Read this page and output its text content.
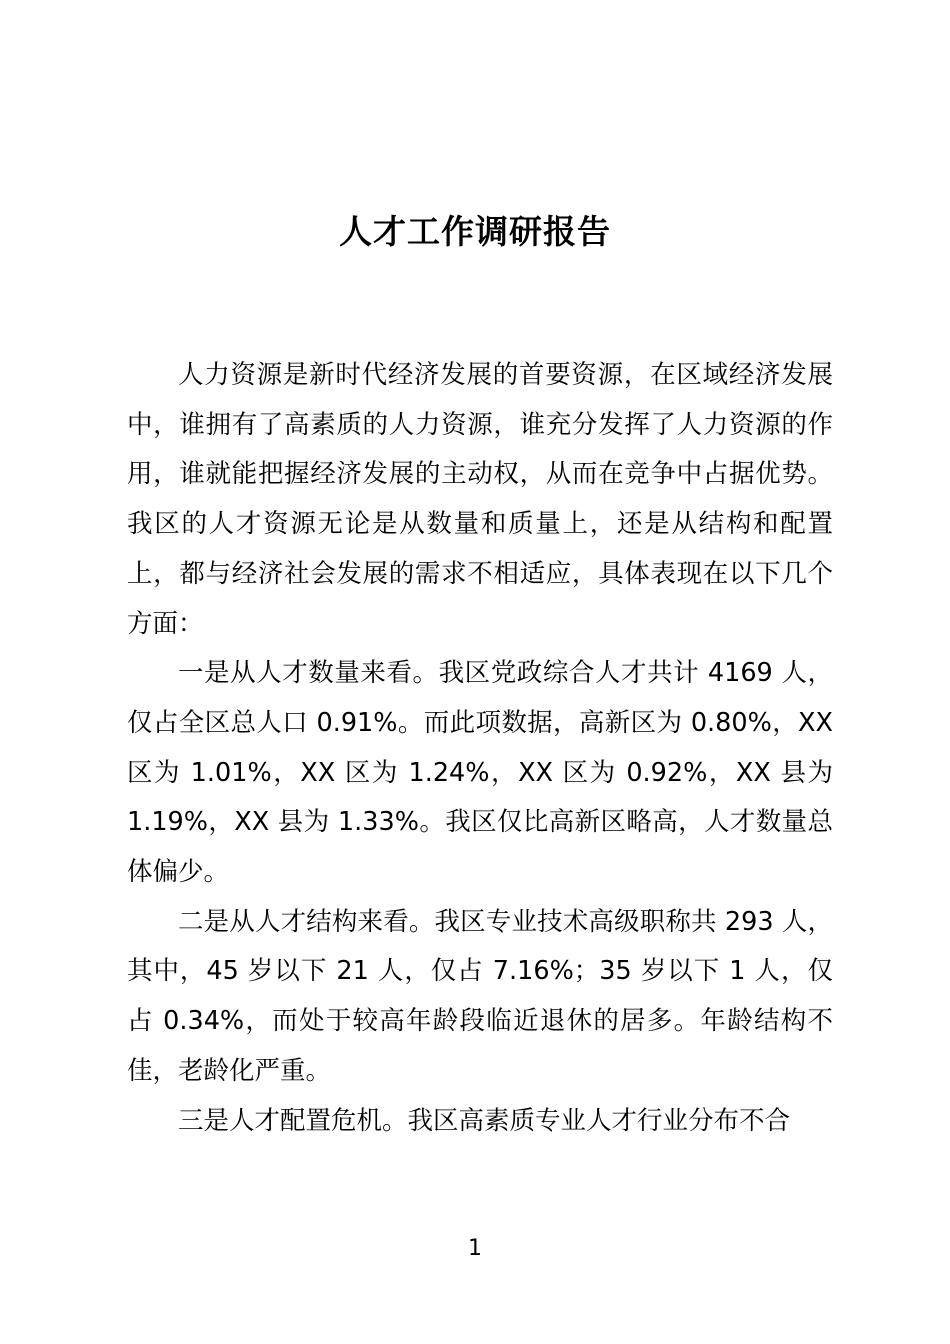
人才工作调研报告

人力资源是新时代经济发展的首要资源，在区域经济发展中，谁拥有了高素质的人力资源，谁充分发挥了人力资源的作用，谁就能把握经济发展的主动权，从而在竞争中占据优势。我区的人才资源无论是从数量和质量上，还是从结构和配置上，都与经济社会发展的需求不相适应，具体表现在以下几个方面：

一是从人才数量来看。我区党政综合人才共计 4169 人，仅占全区总人口 0.91%。而此项数据，高新区为 0.80%，XX 区为 1.01%，XX 区为 1.24%，XX 区为 0.92%，XX 县为 1.19%，XX 县为 1.33%。我区仅比高新区略高，人才数量总体偏少。

二是从人才结构来看。我区专业技术高级职称共 293 人，其中，45 岁以下 21 人，仅占 7.16%；35 岁以下 1 人，仅占 0.34%，而处于较高年龄段临近退休的居多。年龄结构不佳，老龄化严重。

三是人才配置危机。我区高素质专业人才行业分布不合

1
